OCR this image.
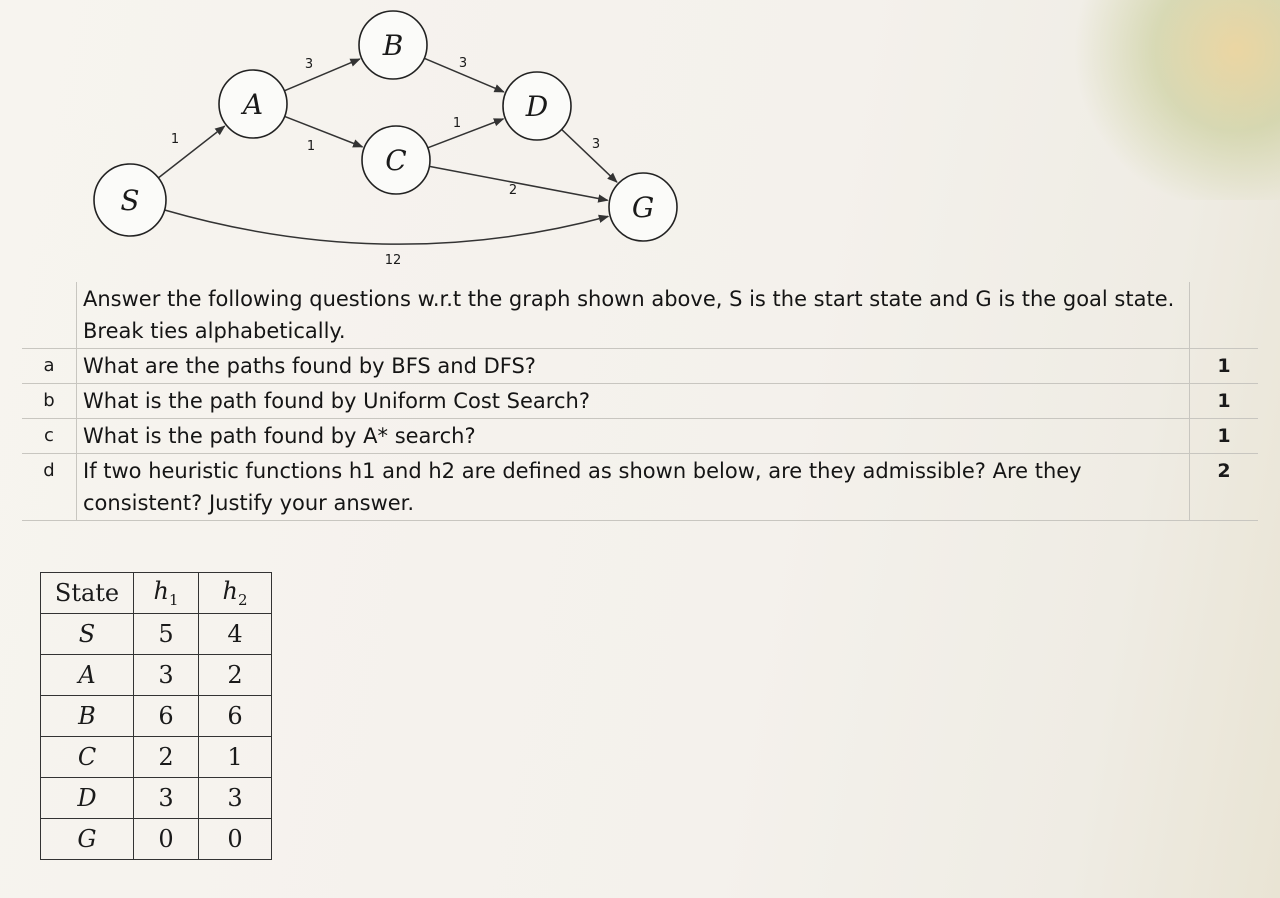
1
3
1
3
1
3
2
12
S
A
B
C
D
G
	Answer the following questions w.r.t the graph shown above, S is the start state and G is the goal state. Break ties alphabetically.	
a	What are the paths found by BFS and DFS?	1
b	What is the path found by Uniform Cost Search?	1
c	What is the path found by A* search?	1
d	If two heuristic functions h1 and h2 are defined as shown below, are they admissible? Are they consistent? Justify your answer.	2
State	$h_1$	$h_2$
S	5	4
A	3	2
B	6	6
C	2	1
D	3	3
G	0	0
